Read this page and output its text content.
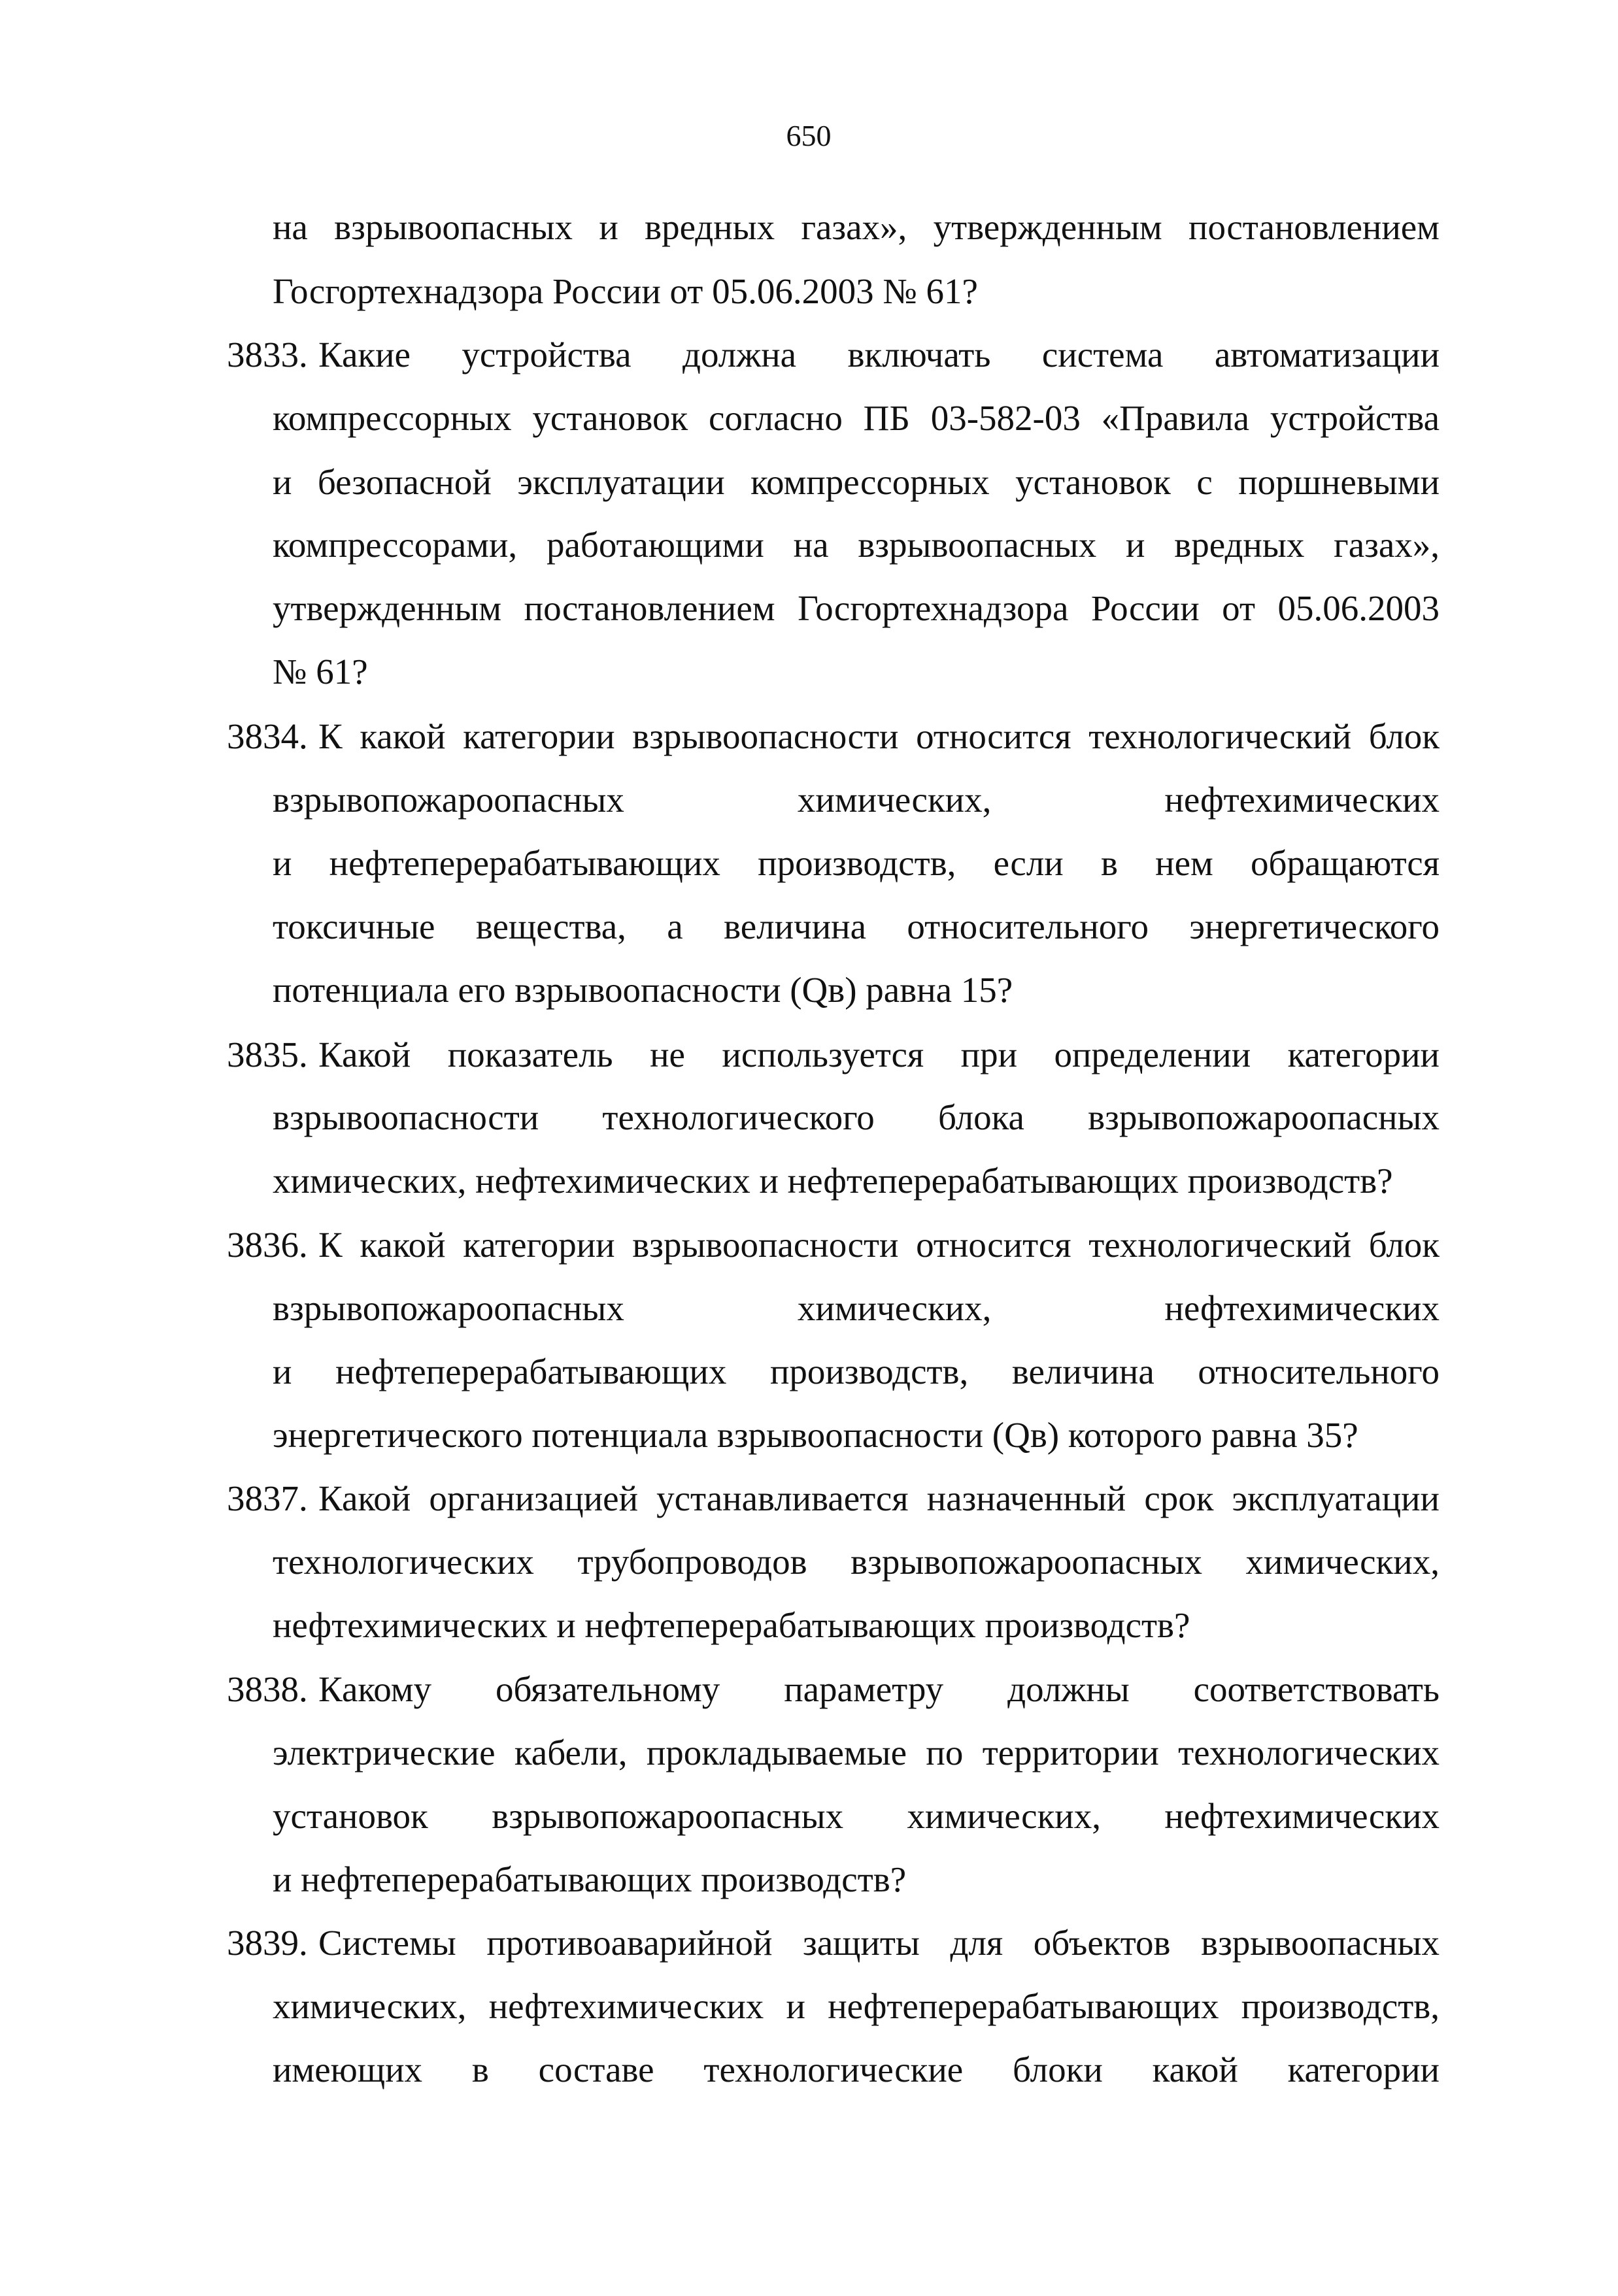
650
на взрывоопасных и вредных газах», утвержденным постановлением
Госгортехнадзора России от 05.06.2003 № 61?
3833. Какие устройства должна включать система автоматизации
компрессорных установок согласно ПБ 03-582-03 «Правила устройства
и безопасной эксплуатации компрессорных установок с поршневыми
компрессорами, работающими на взрывоопасных и вредных газах»,
утвержденным постановлением Госгортехнадзора России от 05.06.2003
№ 61?
3834. К какой категории взрывоопасности относится технологический блок
взрывопожароопасных химических, нефтехимических
и нефтеперерабатывающих производств, если в нем обращаются
токсичные вещества, а величина относительного энергетического
потенциала его взрывоопасности (Qв) равна 15?
3835. Какой показатель не используется при определении категории
взрывоопасности технологического блока взрывопожароопасных
химических, нефтехимических и нефтеперерабатывающих производств?
3836. К какой категории взрывоопасности относится технологический блок
взрывопожароопасных химических, нефтехимических
и нефтеперерабатывающих производств, величина относительного
энергетического потенциала взрывоопасности (Qв) которого равна 35?
3837. Какой организацией устанавливается назначенный срок эксплуатации
технологических трубопроводов взрывопожароопасных химических,
нефтехимических и нефтеперерабатывающих производств?
3838. Какому обязательному параметру должны соответствовать
электрические кабели, прокладываемые по территории технологических
установок взрывопожароопасных химических, нефтехимических
и нефтеперерабатывающих производств?
3839. Системы противоаварийной защиты для объектов взрывоопасных
химических, нефтехимических и нефтеперерабатывающих производств,
имеющих в составе технологические блоки какой категории
